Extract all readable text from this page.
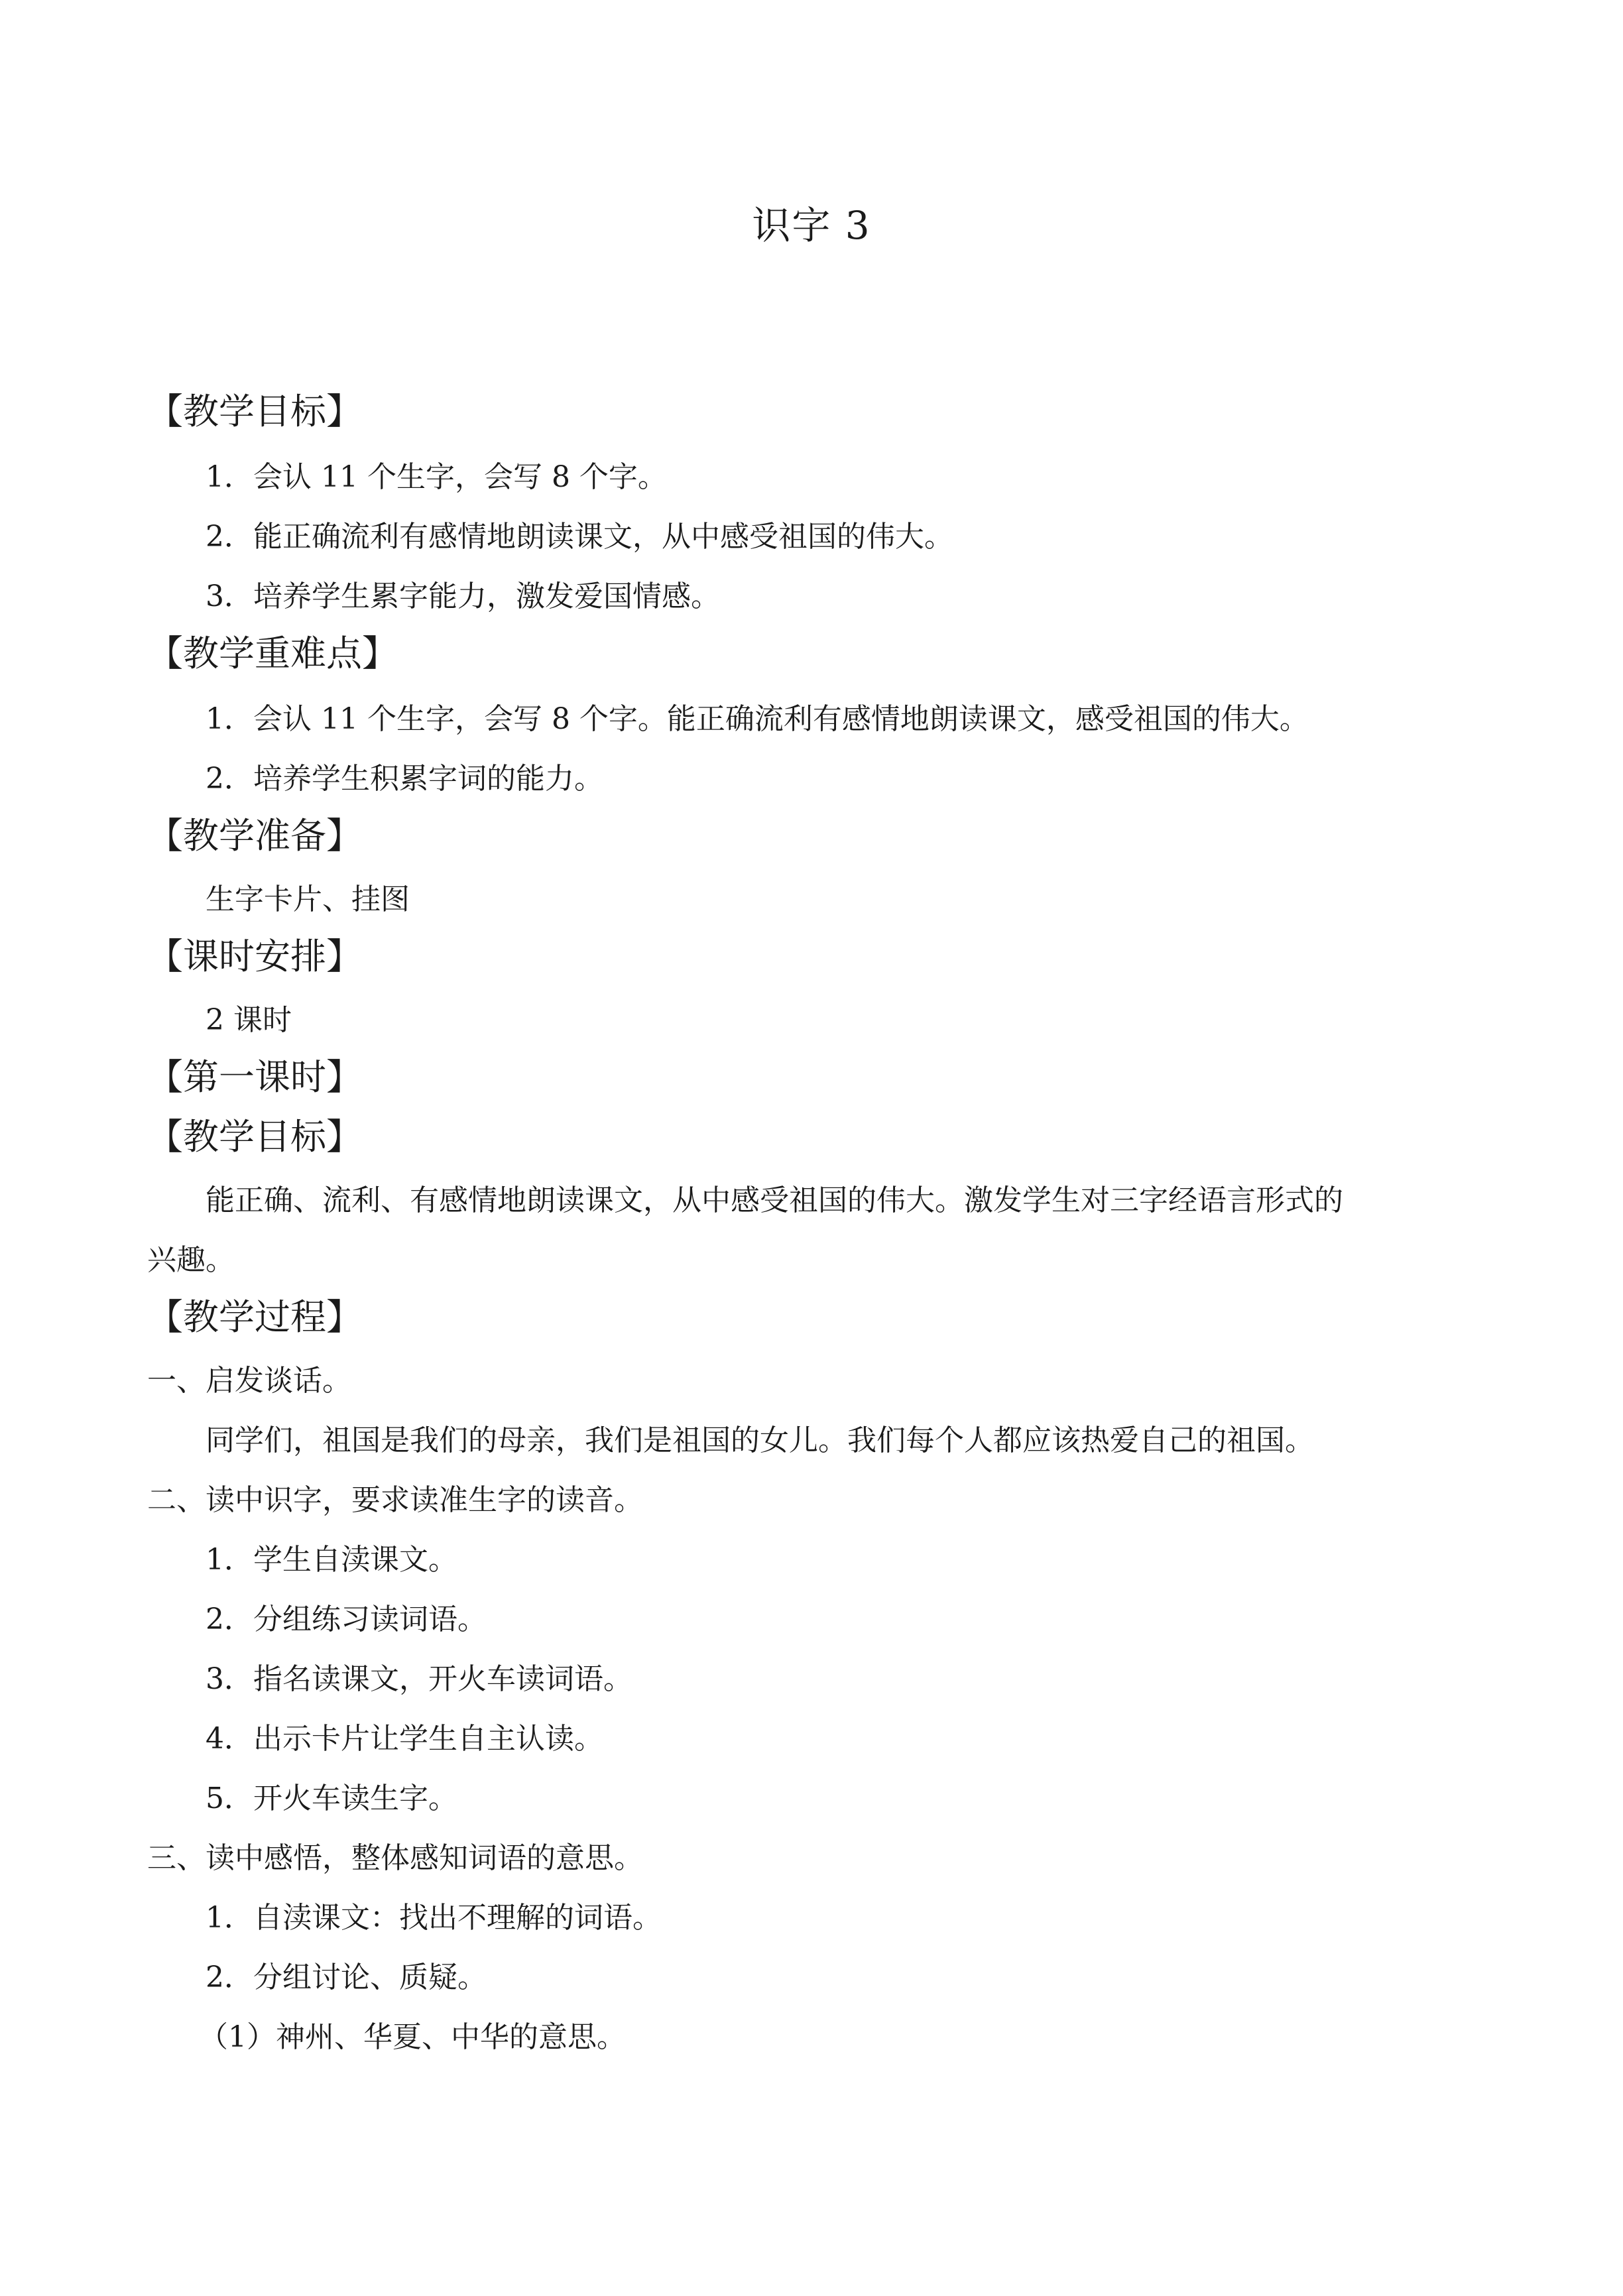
识字 3
【教学目标】
1．会认 11 个生字，会写 8 个字。
2．能正确流利有感情地朗读课文，从中感受祖国的伟大。
3．培养学生累字能力，激发爱国情感。
【教学重难点】
1．会认 11 个生字，会写 8 个字。能正确流利有感情地朗读课文，感受祖国的伟大。
2．培养学生积累字词的能力。
【教学准备】
生字卡片、挂图
【课时安排】
2 课时
【第一课时】
【教学目标】
能正确、流利、有感情地朗读课文，从中感受祖国的伟大。激发学生对三字经语言形式的
兴趣。
【教学过程】
一、启发谈话。
同学们，祖国是我们的母亲，我们是祖国的女儿。我们每个人都应该热爱自己的祖国。
二、读中识字，要求读准生字的读音。
1．学生自渎课文。
2．分组练习读词语。
3．指名读课文，开火车读词语。
4．出示卡片让学生自主认读。
5．开火车读生字。
三、读中感悟，整体感知词语的意思。
1．自渎课文：找出不理解的词语。
2．分组讨论、质疑。
（1）神州、华夏、中华的意思。
